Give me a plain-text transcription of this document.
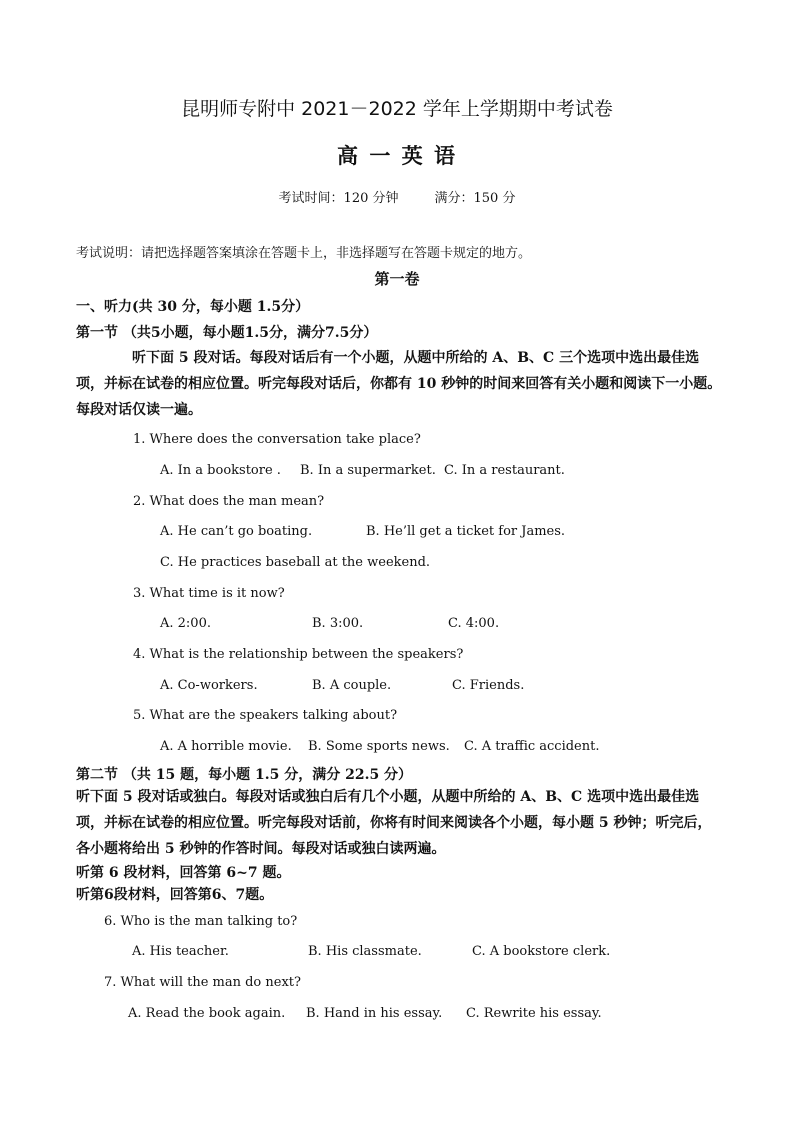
昆明师专附中 2021－2022 学年上学期期中考试卷
高 一 英 语
考试时间：120 分钟	满分：150 分
考试说明：请把选择题答案填涂在答题卡上，非选择题写在答题卡规定的地方。
第一卷
一、听力(共 30 分，每小题 1.5分）
第一节 （共5小题，每小题1.5分，满分7.5分）
听下面 5 段对话。每段对话后有一个小题，从题中所给的 A、B、C 三个选项中选出最佳选项，并标在试卷的相应位置。听完每段对话后，你都有 10 秒钟的时间来回答有关小题和阅读下一小题。每段对话仅读一遍。
1. Where does the conversation take place?
A. In a bookstore . B. In a supermarket. C. In a restaurant.
2. What does the man mean?
A. He can’t go boating.	B. He’ll get a ticket for James.
C. He practices baseball at the weekend.
3. What time is it now?
A. 2:00.	B. 3:00.	C. 4:00.
4. What is the relationship between the speakers?
A. Co-workers.	B. A couple.	C. Friends.
5. What are the speakers talking about?
A. A horrible movie. B. Some sports news. C. A traffic accident.
第二节 （共 15 题，每小题 1.5 分，满分 22.5 分）
听下面 5 段对话或独白。每段对话或独白后有几个小题，从题中所给的 A、B、C 选项中选出最佳选项，并标在试卷的相应位置。听完每段对话前，你将有时间来阅读各个小题，每小题 5 秒钟；听完后，各小题将给出 5 秒钟的作答时间。每段对话或独白读两遍。
听第 6 段材料，回答第 6~7 题。
听第6段材料，回答第6、7题。
6. Who is the man talking to?
A. His teacher.	B. His classmate.	C. A bookstore clerk.
7. What will the man do next?
A. Read the book again. B. Hand in his essay. C. Rewrite his essay.
